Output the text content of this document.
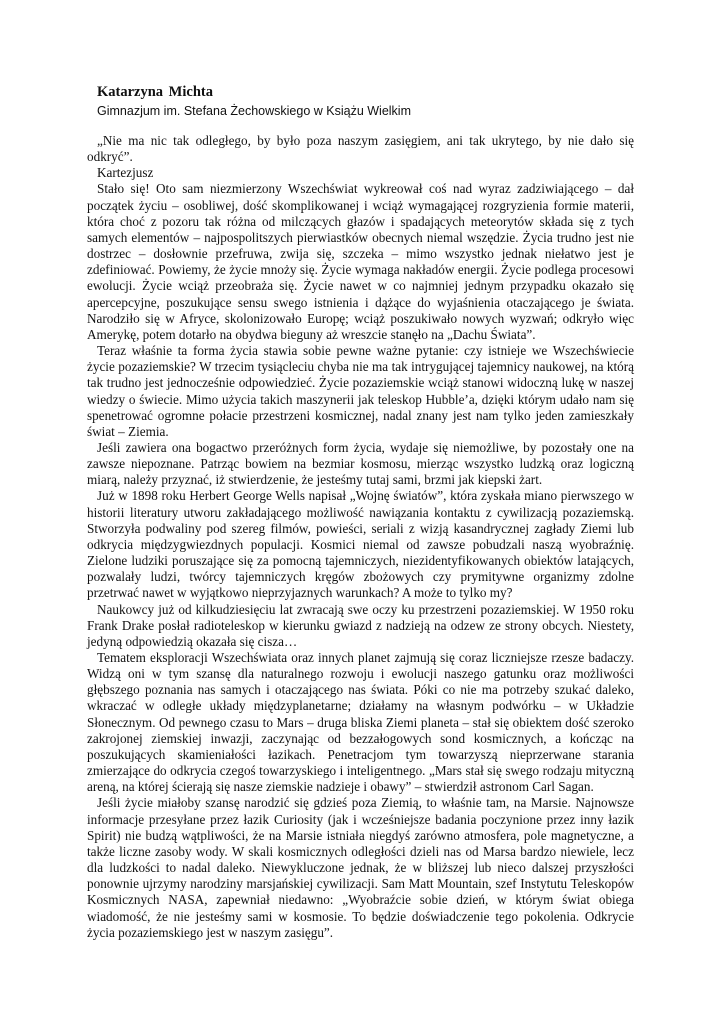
Katarzyna Michta
Gimnazjum im. Stefana Żechowskiego w Książu Wielkim

„Nie ma nic tak odległego, by było poza naszym zasięgiem, ani tak ukrytego, by nie dało się odkryć”.

Kartezjusz

Stało się! Oto sam niezmierzony Wszechświat wykreował coś nad wyraz zadziwiającego – dał początek życiu – osobliwej, dość skomplikowanej i wciąż wymagającej rozgryzienia formie materii, która choć z pozoru tak różna od milczących głazów i spadających meteorytów składa się z tych samych elementów – najpospolitszych pierwiastków obecnych niemal wszędzie. Życia trudno jest nie dostrzec – dosłownie przefruwa, zwija się, szczeka – mimo wszystko jednak niełatwo jest je zdefiniować. Powiemy, że życie mnoży się. Życie wymaga nakładów energii. Życie podlega procesowi ewolucji. Życie wciąż przeobraża się. Życie nawet w co najmniej jednym przypadku okazało się apercepcyjne, poszukujące sensu swego istnienia i dążące do wyjaśnienia otaczającego je świata. Narodziło się w Afryce, skolonizowało Europę; wciąż poszukiwało nowych wyzwań; odkryło więc Amerykę, potem dotarło na obydwa bieguny aż wreszcie stanęło na „Dachu Świata”.

Teraz właśnie ta forma życia stawia sobie pewne ważne pytanie: czy istnieje we Wszechświecie życie pozaziemskie? W trzecim tysiącleciu chyba nie ma tak intrygującej tajemnicy naukowej, na którą tak trudno jest jednocześnie odpowiedzieć. Życie pozaziemskie wciąż stanowi widoczną lukę w naszej wiedzy o świecie. Mimo użycia takich maszynerii jak teleskop Hubble’a, dzięki którym udało nam się spenetrować ogromne połacie przestrzeni kosmicznej, nadal znany jest nam tylko jeden zamieszkały świat – Ziemia.

Jeśli zawiera ona bogactwo przeróżnych form życia, wydaje się niemożliwe, by pozostały one na zawsze niepoznane. Patrząc bowiem na bezmiar kosmosu, mierząc wszystko ludzką oraz logiczną miarą, należy przyznać, iż stwierdzenie, że jesteśmy tutaj sami, brzmi jak kiepski żart.

Już w 1898 roku Herbert George Wells napisał „Wojnę światów”, która zyskała miano pierwszego w historii literatury utworu zakładającego możliwość nawiązania kontaktu z cywilizacją pozaziemską. Stworzyła podwaliny pod szereg filmów, powieści, seriali z wizją kasandrycznej zagłady Ziemi lub odkrycia międzygwiezdnych populacji. Kosmici niemal od zawsze pobudzali naszą wyobraźnię. Zielone ludziki poruszające się za pomocną tajemniczych, niezidentyfikowanych obiektów latających, pozwalały ludzi, twórcy tajemniczych kręgów zbożowych czy prymitywne organizmy zdolne przetrwać nawet w wyjątkowo nieprzyjaznych warunkach? A może to tylko my?

Naukowcy już od kilkudziesięciu lat zwracają swe oczy ku przestrzeni pozaziemskiej. W 1950 roku Frank Drake posłał radioteleskop w kierunku gwiazd z nadzieją na odzew ze strony obcych. Niestety, jedyną odpowiedzią okazała się cisza…

Tematem eksploracji Wszechświata oraz innych planet zajmują się coraz liczniejsze rzesze badaczy. Widzą oni w tym szansę dla naturalnego rozwoju i ewolucji naszego gatunku oraz możliwości głębszego poznania nas samych i otaczającego nas świata. Póki co nie ma potrzeby szukać daleko, wkraczać w odległe układy międzyplanetarne; działamy na własnym podwórku – w Układzie Słonecznym. Od pewnego czasu to Mars – druga bliska Ziemi planeta – stał się obiektem dość szeroko zakrojonej ziemskiej inwazji, zaczynając od bezzałogowych sond kosmicznych, a kończąc na poszukujących skamieniałości łazikach. Penetracjom tym towarzyszą nieprzerwane starania zmierzające do odkrycia czegoś towarzyskiego i inteligentnego. „Mars stał się swego rodzaju mityczną areną, na której ścierają się nasze ziemskie nadzieje i obawy” – stwierdził astronom Carl Sagan.

Jeśli życie miałoby szansę narodzić się gdzieś poza Ziemią, to właśnie tam, na Marsie. Najnowsze informacje przesyłane przez łazik Curiosity (jak i wcześniejsze badania poczynione przez inny łazik Spirit) nie budzą wątpliwości, że na Marsie istniała niegdyś zarówno atmosfera, pole magnetyczne, a także liczne zasoby wody. W skali kosmicznych odległości dzieli nas od Marsa bardzo niewiele, lecz dla ludzkości to nadal daleko. Niewykluczone jednak, że w bliższej lub nieco dalszej przyszłości ponownie ujrzymy narodziny marsjańskiej cywilizacji. Sam Matt Mountain, szef Instytutu Teleskopów Kosmicznych NASA, zapewniał niedawno: „Wyobraźcie sobie dzień, w którym świat obiega wiadomość, że nie jesteśmy sami w kosmosie. To będzie doświadczenie tego pokolenia. Odkrycie życia pozaziemskiego jest w naszym zasięgu”.
